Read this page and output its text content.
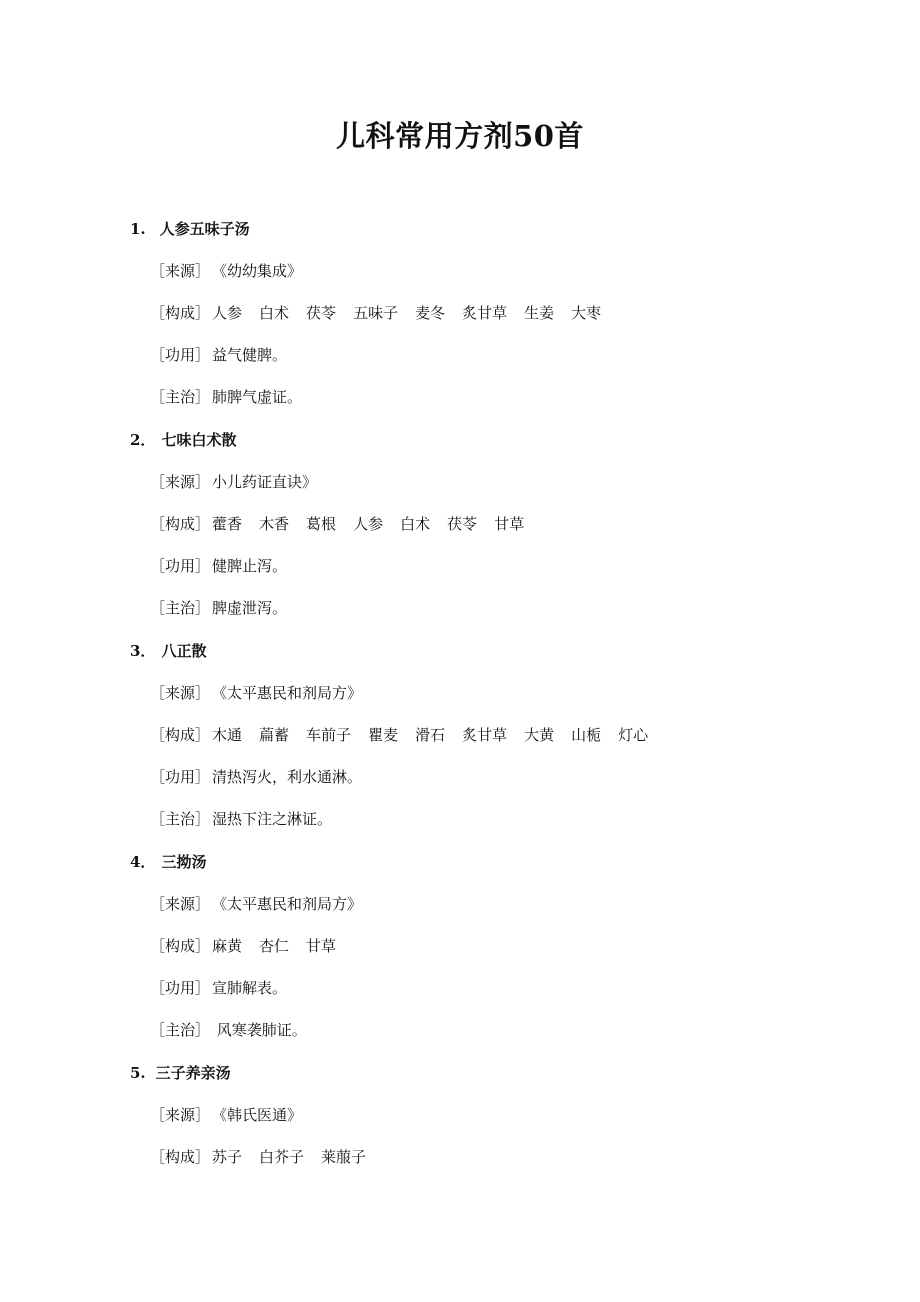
儿科常用方剂50首
1. 人参五味子汤
［来源］ 《幼幼集成》
［构成］ 人参 白术 茯苓 五味子 麦冬 炙甘草 生姜 大枣
［功用］ 益气健脾。
［主治］ 肺脾气虚证。
2． 七味白术散
［来源］ 小儿药证直诀》
［构成］ 藿香 木香 葛根 人参 白术 茯苓 甘草
［功用］ 健脾止泻。
［主治］ 脾虚泄泻。
3． 八正散
［来源］ 《太平惠民和剂局方》
［构成］ 木通 萹蓄 车前子 瞿麦 滑石 炙甘草 大黄 山栀 灯心
［功用］ 清热泻火，利水通淋。
［主治］ 湿热下注之淋证。
4． 三拗汤
［来源］ 《太平惠民和剂局方》
［构成］ 麻黄 杏仁 甘草
［功用］ 宣肺解表。
［主治］ 风寒袭肺证。
5. 三子养亲汤
［来源］ 《韩氏医通》
［构成］ 苏子 白芥子 莱菔子
